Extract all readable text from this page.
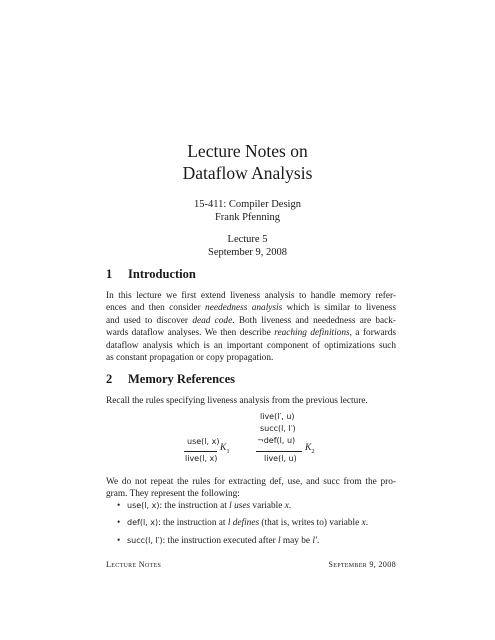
Lecture Notes on
Dataflow Analysis
15-411: Compiler Design
Frank Pfenning
Lecture 5
September 9, 2008
1 Introduction
In this lecture we first extend liveness analysis to handle memory refer-
ences and then consider neededness analysis which is similar to liveness
and used to discover dead code. Both liveness and neededness are back-
wards dataflow analyses. We then describe reaching definitions, a forwards
dataflow analysis which is an important component of optimizations such
as constant propagation or copy propagation.
2 Memory References
Recall the rules specifying liveness analysis from the previous lecture.
use(l, x)
live(l, x)
$K_1$
live(l′, u)
succ(l, l′)
¬def(l, u)
live(l, u)
$K_2$
We do not repeat the rules for extracting def, use, and succ from the pro-
gram. They represent the following:
• use(l, x): the instruction at l uses variable x.
• def(l, x): the instruction at l defines (that is, writes to) variable x.
• succ(l, l′): the instruction executed after l may be l′.
Lecture Notes	September 9, 2008
